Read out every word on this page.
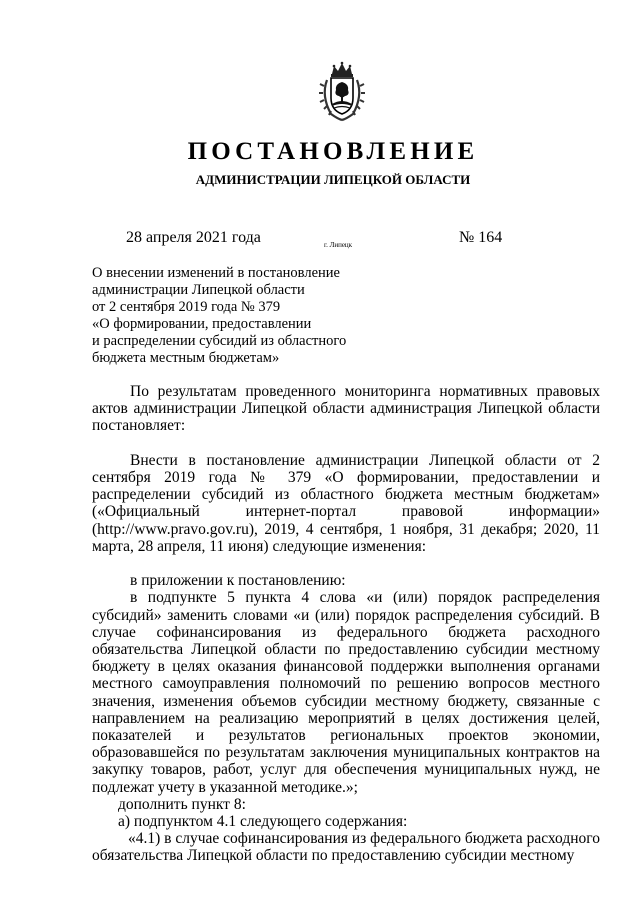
ПОСТАНОВЛЕНИЕ
АДМИНИСТРАЦИИ ЛИПЕЦКОЙ ОБЛАСТИ
28 апреля 2021 года	г. Липецк	№ 164
О внесении изменений в постановление
администрации Липецкой области
от 2 сентября 2019 года № 379
«О формировании, предоставлении
и распределении субсидий из областного
бюджета местным бюджетам»

По результатам проведенного мониторинга нормативных правовых актов администрации Липецкой области администрация Липецкой области постановляет:

Внести в постановление администрации Липецкой области от 2 сентября 2019 года № 379 «О формировании, предоставлении и распределении субсидий из областного бюджета местным бюджетам» («Официальный интернет-портал правовой информации» (http://www.pravo.gov.ru), 2019, 4 сентября, 1 ноября, 31 декабря; 2020, 11 марта, 28 апреля, 11 июня) следующие изменения:

в приложении к постановлению:

в подпункте 5 пункта 4 слова «и (или) порядок распределения субсидий» заменить словами «и (или) порядок распределения субсидий. В случае софинансирования из федерального бюджета расходного обязательства Липецкой области по предоставлению субсидии местному бюджету в целях оказания финансовой поддержки выполнения органами местного самоуправления полномочий по решению вопросов местного значения, изменения объемов субсидии местному бюджету, связанные с направлением на реализацию мероприятий в целях достижения целей, показателей и результатов региональных проектов экономии, образовавшейся по результатам заключения муниципальных контрактов на закупку товаров, работ, услуг для обеспечения муниципальных нужд, не подлежат учету в указанной методике.»;

дополнить пункт 8:

а) подпунктом 4.1 следующего содержания:

«4.1) в случае софинансирования из федерального бюджета расходного обязательства Липецкой области по предоставлению субсидии местному
